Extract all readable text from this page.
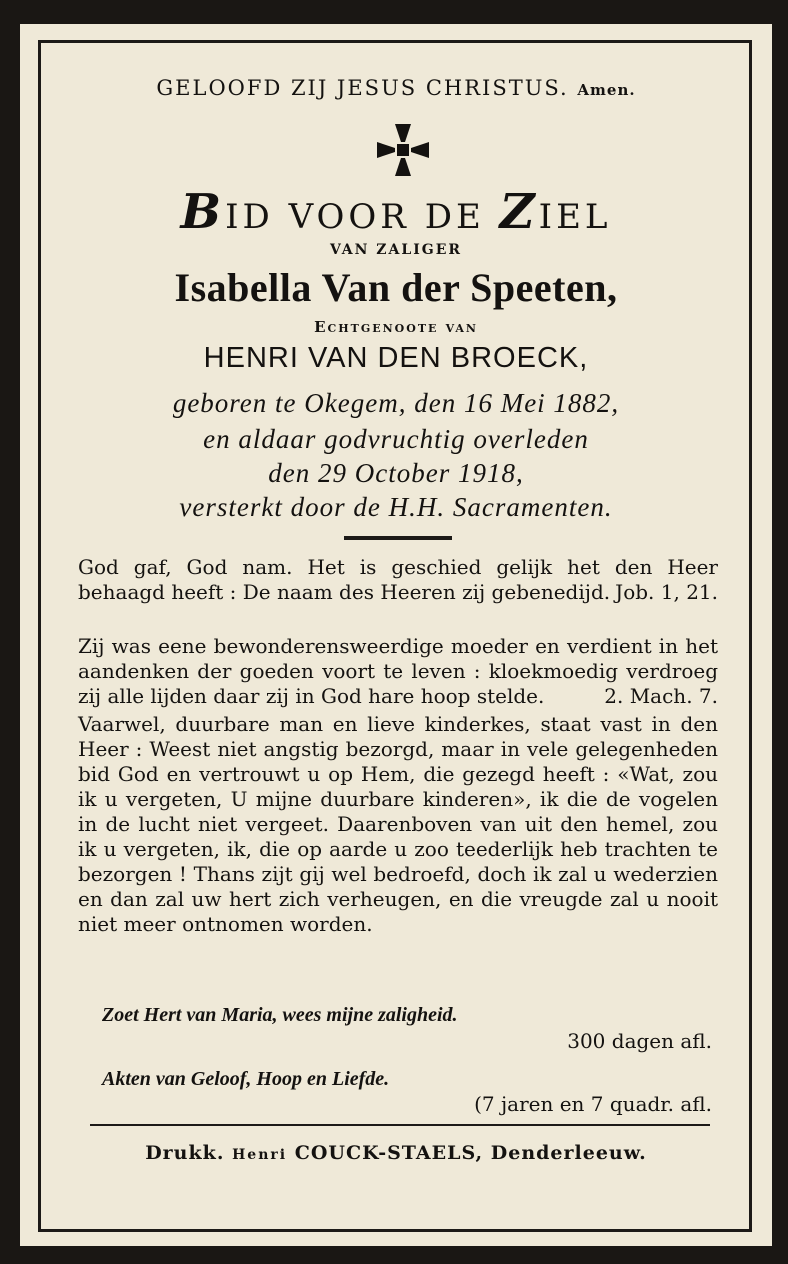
GELOOFD ZIJ JESUS CHRISTUS. Amen.
BID VOOR DE ZIEL
VAN ZALIGER
Isabella Van der Speeten,
Echtgenoote van
HENRI VAN DEN BROECK,
geboren te Okegem, den 16 Mei 1882,
en aldaar godvruchtig overleden
den 29 October 1918,
versterkt door de H.H. Sacramenten.
God gaf, God nam. Het is geschied gelijk het den Heer behaagd heeft : De naam des Heeren zij gebenedijd. Job. 1, 21.
Zij was eene bewonderensweerdige moeder en verdient in het aandenken der goeden voort te leven : kloekmoedig verdroeg zij alle lijden daar zij in God hare hoop stelde.	2. Mach. 7.
Vaarwel, duurbare man en lieve kinderkes, staat vast in den Heer : Weest niet angstig bezorgd, maar in vele gelegenheden bid God en vertrouwt u op Hem, die gezegd heeft : «Wat, zou ik u vergeten, U mijne duurbare kinderen», ik die de vogelen in de lucht niet vergeet. Daarenboven van uit den hemel, zou ik u vergeten, ik, die op aarde u zoo teederlijk heb trachten te bezorgen ! Thans zijt gij wel bedroefd, doch ik zal u wederzien en dan zal uw hert zich verheugen, en die vreugde zal u nooit niet meer ontnomen worden.
Zoet Hert van Maria, wees mijne zaligheid.
300 dagen afl.
Akten van Geloof, Hoop en Liefde.
(7 jaren en 7 quadr. afl.
Drukk. Henri COUCK-STAELS, Denderleeuw.
